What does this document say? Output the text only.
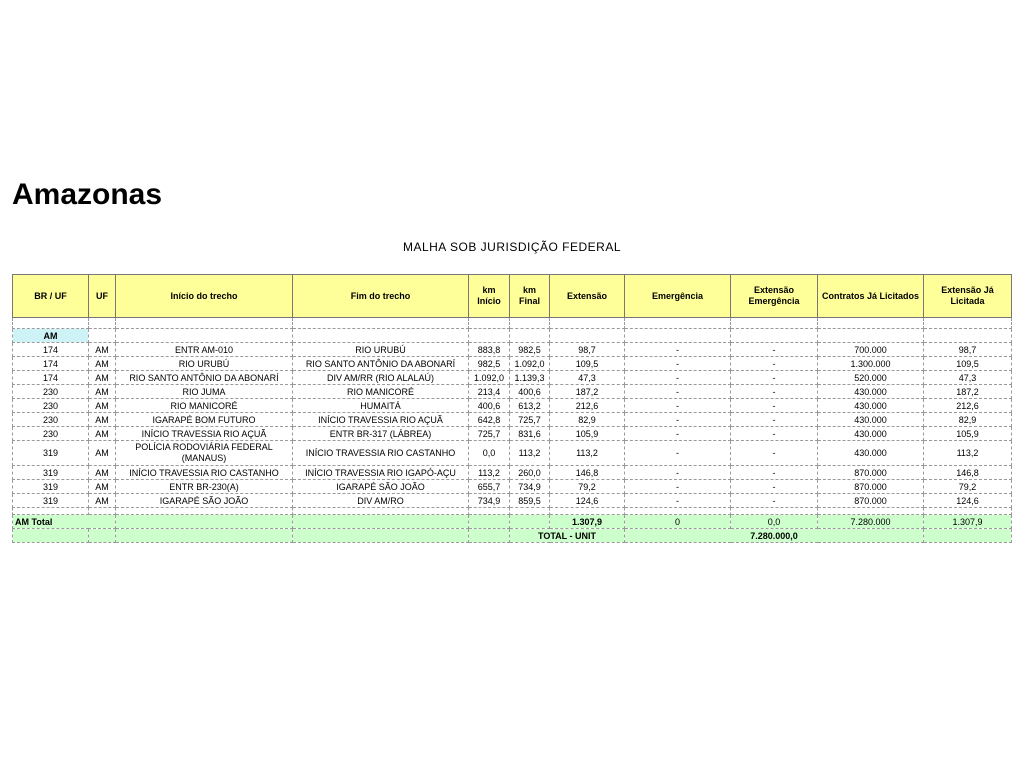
Amazonas
MALHA SOB JURISDIÇÃO FEDERAL
BR / UF	UF	Início do trecho	Fim do trecho	km Início	km Final	Extensão	Emergência	Extensão Emergência	Contratos Já Licitados	Extensão Já Licitada

AM										
174	AM	ENTR AM-010	RIO URUBÚ	883,8	982,5	98,7	-	-	700.000	98,7
174	AM	RIO URUBÚ	RIO SANTO ANTÔNIO DA ABONARÍ	982,5	1.092,0	109,5	-	-	1.300.000	109,5
174	AM	RIO SANTO ANTÔNIO DA ABONARÍ	DIV AM/RR (RIO ALALAÚ)	1.092,0	1.139,3	47,3	-	-	520.000	47,3
230	AM	RIO JUMA	RIO MANICORÉ	213,4	400,6	187,2	-	-	430.000	187,2
230	AM	RIO MANICORÉ	HUMAITÁ	400,6	613,2	212,6	-	-	430.000	212,6
230	AM	IGARAPÉ BOM FUTURO	INÍCIO TRAVESSIA RIO AÇUÃ	642,8	725,7	82,9	-	-	430.000	82,9
230	AM	INÍCIO TRAVESSIA RIO AÇUÃ	ENTR BR-317 (LÁBREA)	725,7	831,6	105,9	-	-	430.000	105,9
319	AM	POLÍCIA RODOVIÁRIA FEDERAL (MANAUS)	INÍCIO TRAVESSIA RIO CASTANHO	0,0	113,2	113,2	-	-	430.000	113,2
319	AM	INÍCIO TRAVESSIA RIO CASTANHO	INÍCIO TRAVESSIA RIO IGAPÓ-AÇU	113,2	260,0	146,8	-	-	870.000	146,8
319	AM	ENTR BR-230(A)	IGARAPÉ SÃO JOÃO	655,7	734,9	79,2	-	-	870.000	79,2
319	AM	IGARAPÉ SÃO JOÃO	DIV AM/RO	734,9	859,5	124,6	-	-	870.000	124,6

AM Total						1.307,9	0	0,0	7.280.000	1.307,9
					TOTAL - UNIT		7.280.000,0			
